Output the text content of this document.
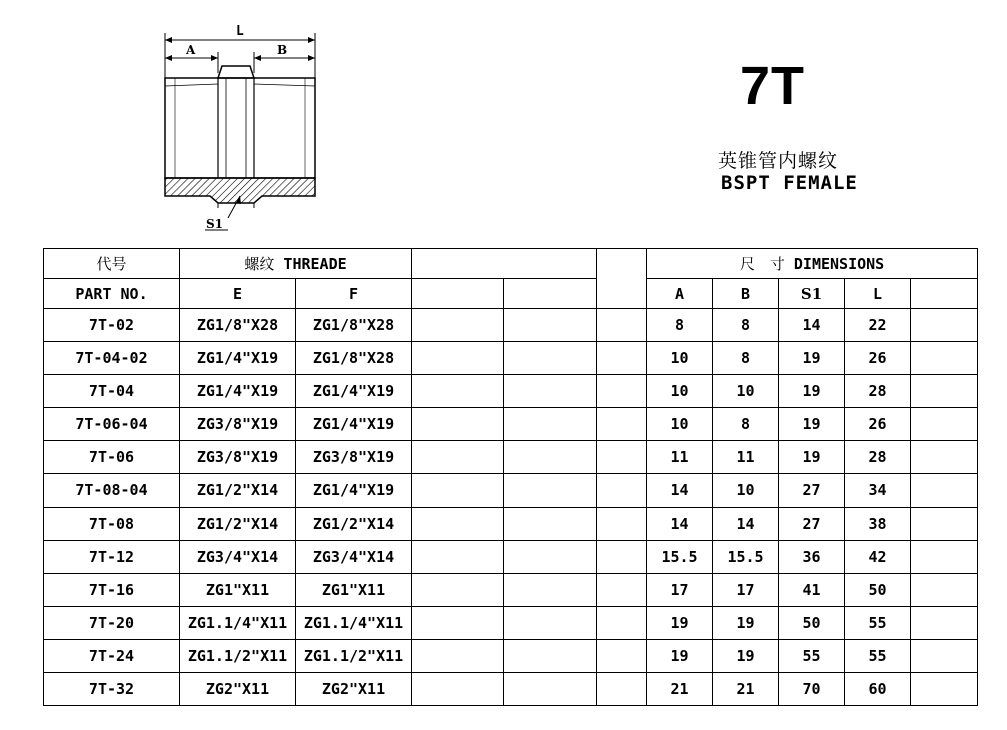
L
A	B
S1
7T
英锥管内螺纹
BSPT FEMALE
代号	螺纹 THREADE					尺　寸 DIMENSIONS				
PART NO.	E	F				A	B	S1	L	
7T-02	ZG1/8"X28	ZG1/8"X28				8	8	14	22	
7T-04-02	ZG1/4"X19	ZG1/8"X28				10	8	19	26	
7T-04	ZG1/4"X19	ZG1/4"X19				10	10	19	28	
7T-06-04	ZG3/8"X19	ZG1/4"X19				10	8	19	26	
7T-06	ZG3/8"X19	ZG3/8"X19				11	11	19	28	
7T-08-04	ZG1/2"X14	ZG1/4"X19				14	10	27	34	
7T-08	ZG1/2"X14	ZG1/2"X14				14	14	27	38	
7T-12	ZG3/4"X14	ZG3/4"X14				15.5	15.5	36	42	
7T-16	ZG1"X11	ZG1"X11				17	17	41	50	
7T-20	ZG1.1/4"X11	ZG1.1/4"X11				19	19	50	55	
7T-24	ZG1.1/2"X11	ZG1.1/2"X11				19	19	55	55	
7T-32	ZG2"X11	ZG2"X11				21	21	70	60	
